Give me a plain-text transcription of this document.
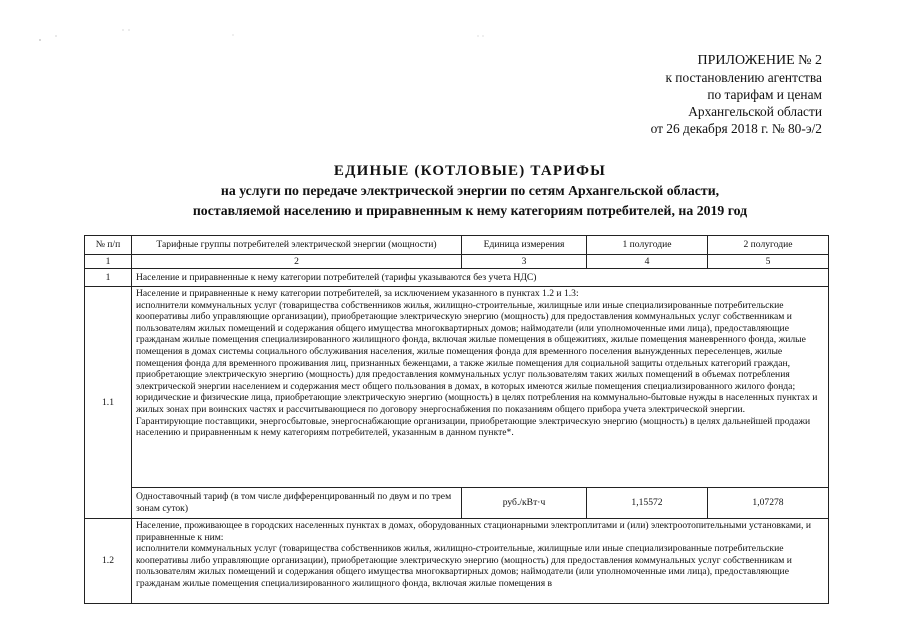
ПРИЛОЖЕНИЕ № 2
к постановлению агентства
по тарифам и ценам
Архангельской области
от 26 декабря 2018 г. № 80-э/2
ЕДИНЫЕ (КОТЛОВЫЕ) ТАРИФЫ
на услуги по передаче электрической энергии по сетям Архангельской области,
поставляемой населению и приравненным к нему категориям потребителей, на 2019 год
№ п/п	Тарифные группы потребителей электрической энергии (мощности)	Единица измерения	1 полугодие	2 полугодие
1	2	3	4	5
1	Население и приравненные к нему категории потребителей (тарифы указываются без учета НДС)			
1.1	Население и приравненные к нему категории потребителей, за исключением указанного в пунктах 1.2 и 1.3:
исполнители коммунальных услуг (товарищества собственников жилья, жилищно-строительные, жилищные или иные специализированные потребительские кооперативы либо управляющие организации), приобретающие электрическую энергию (мощность) для предоставления коммунальных услуг собственникам и пользователям жилых помещений и содержания общего имущества многоквартирных домов; наймодатели (или уполномоченные ими лица), предоставляющие гражданам жилые помещения специализированного жилищного фонда, включая жилые помещения в общежитиях, жилые помещения маневренного фонда, жилые помещения в домах системы социального обслуживания населения, жилые помещения фонда для временного поселения вынужденных переселенцев, жилые помещения фонда для временного проживания лиц, признанных беженцами, а также жилые помещения для социальной защиты отдельных категорий граждан, приобретающие электрическую энергию (мощность) для предоставления коммунальных услуг пользователям таких жилых помещений в объемах потребления электрической энергии населением и содержания мест общего пользования в домах, в которых имеются жилые помещения специализированного жилого фонда; юридические и физические лица, приобретающие электрическую энергию (мощность) в целях потребления на коммунально-бытовые нужды в населенных пунктах и жилых зонах при воинских частях и рассчитывающиеся по договору энергоснабжения по показаниям общего прибора учета электрической энергии.
Гарантирующие поставщики, энергосбытовые, энергоснабжающие организации, приобретающие электрическую энергию (мощность) в целях дальнейшей продажи населению и приравненным к нему категориям потребителей, указанным в данном пункте*.			

	Одноставочный тариф (в том числе дифференцированный по двум и по трем зонам суток)	руб./кВт·ч	1,15572	1,07278
1.2	Население, проживающее в городских населенных пунктах в домах, оборудованных стационарными электроплитами и (или) электроотопительными установками, и приравненные к ним:
исполнители коммунальных услуг (товарищества собственников жилья, жилищно-строительные, жилищные или иные специализированные потребительские кооперативы либо управляющие организации), приобретающие электрическую энергию (мощность) для предоставления коммунальных услуг собственникам и пользователям жилых помещений и содержания общего имущества многоквартирных домов; наймодатели (или уполномоченные ими лица), предоставляющие гражданам жилые помещения специализированного жилищного фонда, включая жилые помещения в			
